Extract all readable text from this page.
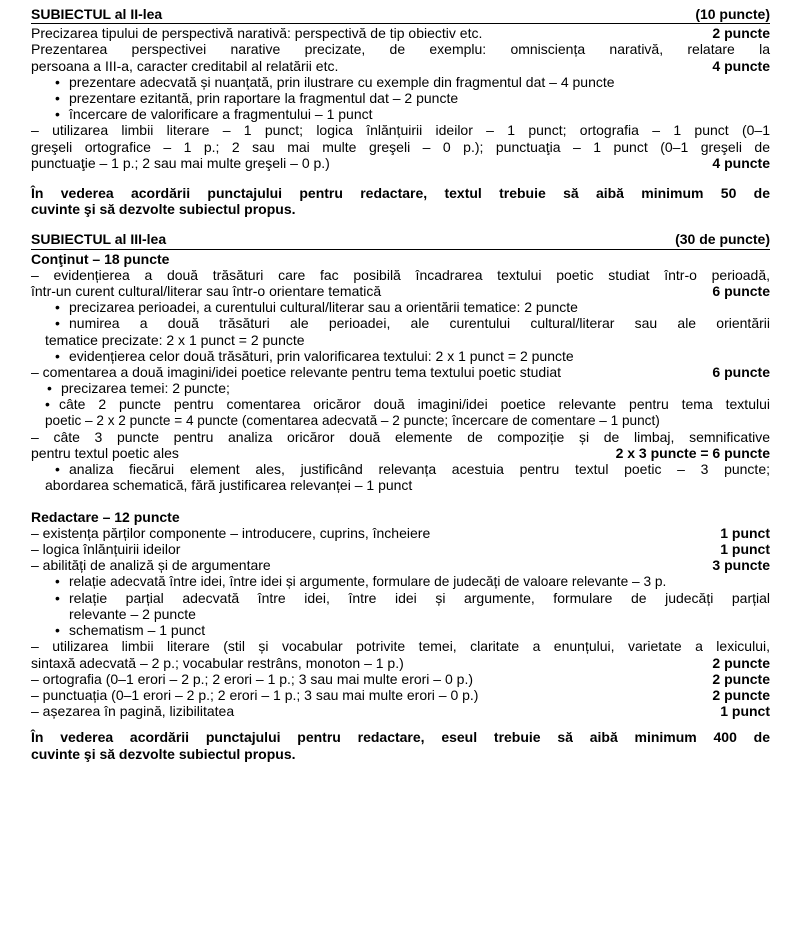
SUBIECTUL al II-lea	(10 puncte)
Precizarea tipului de perspectivă narativă: perspectivă de tip obiectiv etc.	2 puncte
Prezentarea perspectivei narative precizate, de exemplu: omnisciența narativă, relatare la
persoana a III-a, caracter creditabil al relatării etc.	4 puncte
• prezentare adecvată și nuanțată, prin ilustrare cu exemple din fragmentul dat – 4 puncte
• prezentare ezitantă, prin raportare la fragmentul dat – 2 puncte
• încercare de valorificare a fragmentului – 1 punct
– utilizarea limbii literare – 1 punct; logica înlănțuirii ideilor – 1 punct; ortografia – 1 punct (0–1
greşeli ortografice – 1 p.; 2 sau mai multe greşeli – 0 p.); punctuaţia – 1 punct (0–1 greşeli de
punctuaţie – 1 p.; 2 sau mai multe greşeli – 0 p.)	4 puncte
În vederea acordării punctajului pentru redactare, textul trebuie să aibă minimum 50 de
cuvinte şi să dezvolte subiectul propus.
SUBIECTUL al III-lea	(30 de puncte)
Conţinut – 18 puncte
– evidențierea a două trăsături care fac posibilă încadrarea textului poetic studiat într-o perioadă,
într-un curent cultural/literar sau într-o orientare tematică	6 puncte
• precizarea perioadei, a curentului cultural/literar sau a orientării tematice: 2 puncte
• numirea a două trăsături ale perioadei, ale curentului cultural/literar sau ale orientării
tematice precizate: 2 x 1 punct = 2 puncte
• evidențierea celor două trăsături, prin valorificarea textului: 2 x 1 punct = 2 puncte
– comentarea a două imagini/idei poetice relevante pentru tema textului poetic studiat	6 puncte
• precizarea temei: 2 puncte;
• câte 2 puncte pentru comentarea oricăror două imagini/idei poetice relevante pentru tema textului
poetic – 2 x 2 puncte = 4 puncte (comentarea adecvată – 2 puncte; încercare de comentare – 1 punct)
– câte 3 puncte pentru analiza oricăror două elemente de compoziție și de limbaj, semnificative
pentru textul poetic ales	2 x 3 puncte = 6 puncte
• analiza fiecărui element ales, justificând relevanța acestuia pentru textul poetic – 3 puncte;
abordarea schematică, fără justificarea relevanței – 1 punct
Redactare – 12 puncte
– existența părților componente – introducere, cuprins, încheiere	1 punct
– logica înlănțuirii ideilor	1 punct
– abilități de analiză și de argumentare	3 puncte
• relație adecvată între idei, între idei și argumente, formulare de judecăți de valoare relevante – 3 p.
• relație parțial adecvată între idei, între idei și argumente, formulare de judecăți parțial
relevante – 2 puncte
• schematism – 1 punct
– utilizarea limbii literare (stil și vocabular potrivite temei, claritate a enunțului, varietate a lexicului,
sintaxă adecvată – 2 p.; vocabular restrâns, monoton – 1 p.)	2 puncte
– ortografia (0–1 erori – 2 p.; 2 erori – 1 p.; 3 sau mai multe erori – 0 p.)	2 puncte
– punctuația (0–1 erori – 2 p.; 2 erori – 1 p.; 3 sau mai multe erori – 0 p.)	2 puncte
– așezarea în pagină, lizibilitatea	1 punct
În vederea acordării punctajului pentru redactare, eseul trebuie să aibă minimum 400 de
cuvinte şi să dezvolte subiectul propus.
